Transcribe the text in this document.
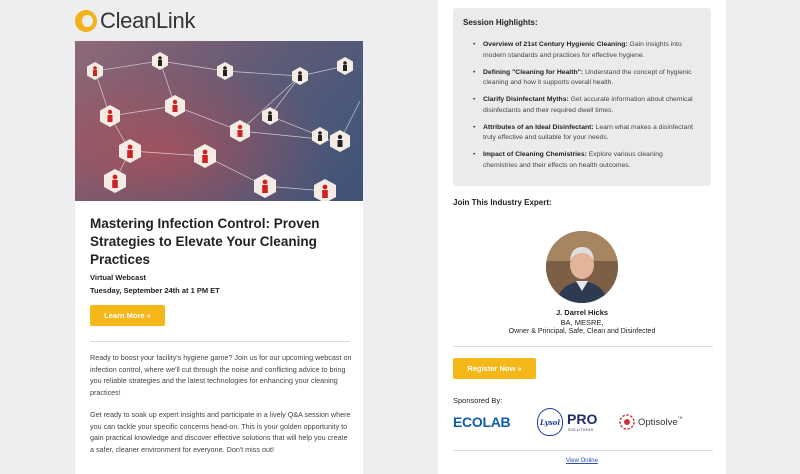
CleanLink
Mastering Infection Control: Proven Strategies to Elevate Your Cleaning Practices
Virtual Webcast
Tuesday, September 24th at 1 PM ET
Learn More »
Ready to boost your facility's hygiene game? Join us for our upcoming webcast on infection control, where we'll cut through the noise and conflicting advice to bring you reliable strategies and the latest technologies for enhancing your cleaning practices!
Get ready to soak up expert insights and participate in a lively Q&A session where you can tackle your specific concerns head-on. This is your golden opportunity to gain practical knowledge and discover effective solutions that will help you create a safer, cleaner environment for everyone. Don't miss out!
Session Highlights:
• Overview of 21st Century Hygienic Cleaning: Gain insights into modern standards and practices for effective hygiene.
• Defining "Cleaning for Health": Understand the concept of hygienic cleaning and how it supports overall health.
• Clarify Disinfectant Myths: Get accurate information about chemical disinfectants and their required dwell times.
• Attributes of an Ideal Disinfectant: Learn what makes a disinfectant truly effective and suitable for your needs.
• Impact of Cleaning Chemistries: Explore various cleaning chemistries and their effects on health outcomes.
Join This Industry Expert:
J. Darrel Hicks
BA, MESRE,
Owner & Principal, Safe, Clean and Disinfected
Register Now »
Sponsored By:
ECOLAB	Lysol PRO
SOLUTIONS
Optisolve ™
View Online
